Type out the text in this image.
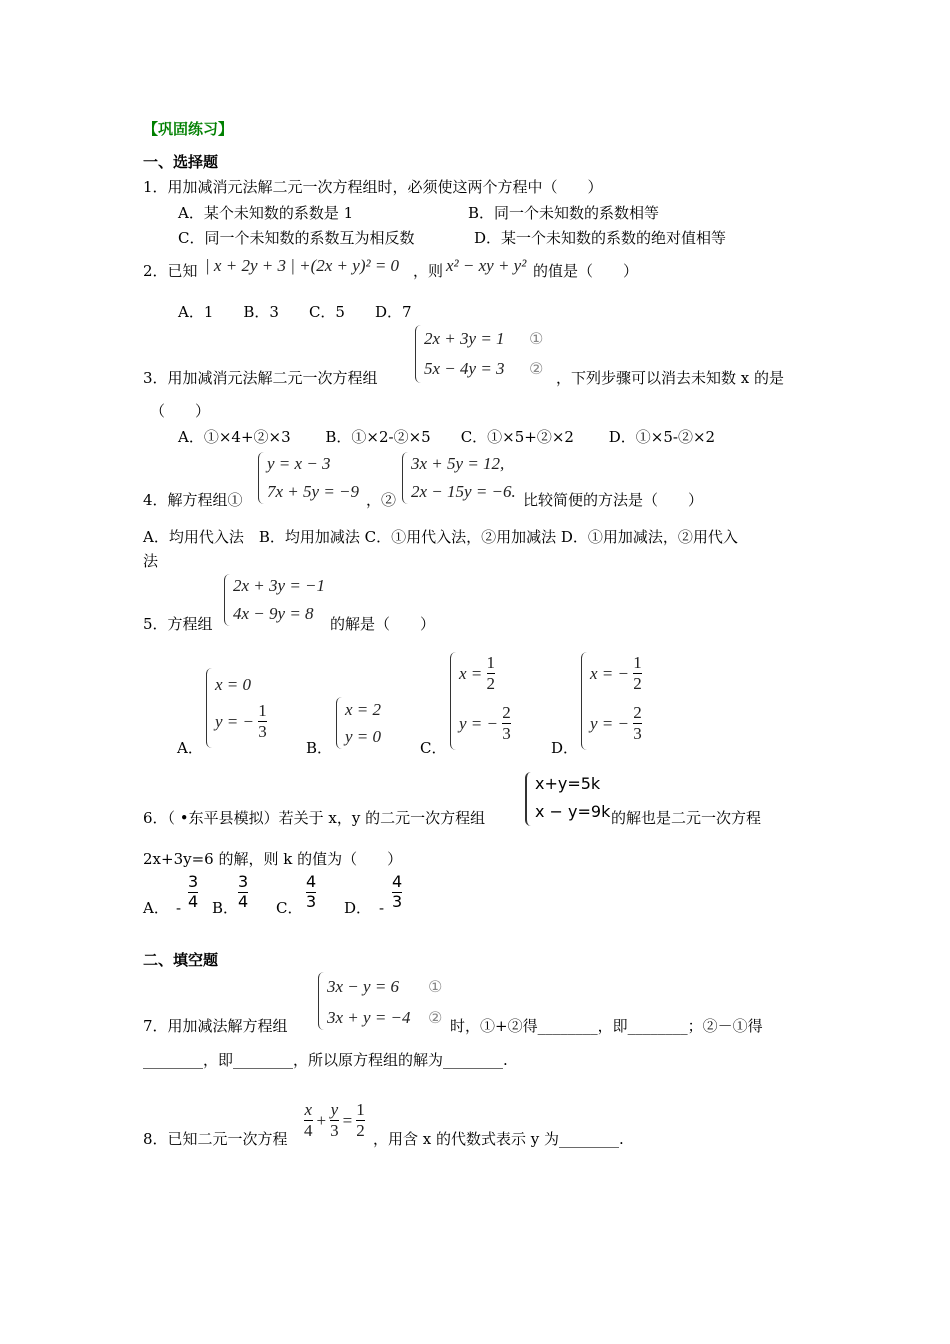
【巩固练习】
一、选择题
1．用加减消元法解二元一次方程组时，必须使这两个方程中（　　）
A．某个未知数的系数是 1	B．同一个未知数的系数相等
C．同一个未知数的系数互为相反数	D．某一个未知数的系数的绝对值相等
2．已知 | x + 2y + 3 | +(2x + y)² = 0 ，则 x² − xy + y² 的值是（　　）
A．1　　B．3　　C．5　　D．7
2x + 3y = 1 ①
5x − 4y = 3 ②
3．用加减消元法解二元一次方程组	，下列步骤可以消去未知数 x 的是
（　　）
A．①×4+②×3　　 B．①×2-②×5　　C．①×5+②×2　　 D．①×5-②×2
y = x − 3
7x + 5y = −9
3x + 5y = 12,
2x − 15y = −6.
4．解方程组①	，②	比较简便的方法是（　　）
A．均用代入法　B．均用加减法 C．①用代入法，②用加减法 D．①用加减法，②用代入
法
2x + 3y = −1
4x − 9y = 8
5．方程组	的解是（　　）
A．
x = 0
y = − $\frac{1}{3}$
B．
x = 2
y = 0
C．
$x = \frac{1}{2}$
y = − $\frac{2}{3}$
D．
x = − $\frac{1}{2}$
y = − $\frac{2}{3}$
x+y=5k
x − y=9k
6．（ •东平县模拟）若关于 x，y 的二元一次方程组	的解也是二元一次方程
2x+3y=6 的解，则 k 的值为（　　）
A． - $\frac{3}{4}$ B． $\frac{3}{4}$ C． $\frac{4}{3}$ D． - $\frac{4}{3}$
二、填空题
3x − y = 6 ①
3x + y = −4 ②
7．用加减法解方程组	时，①+②得________，即________；②－①得
________，即________，所以原方程组的解为________.
8．已知二元一次方程 $\frac{x}{4} + \frac{y}{3} = \frac{1}{2}$ ，用含 x 的代数式表示 y 为________.
